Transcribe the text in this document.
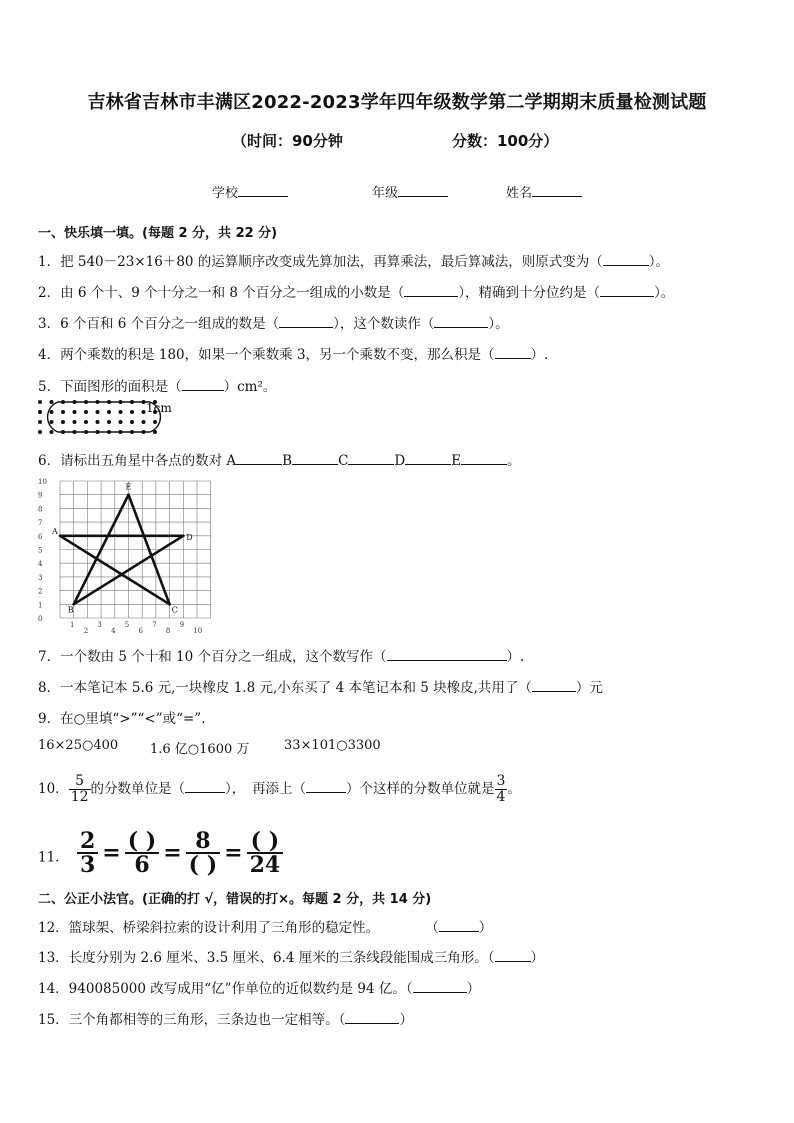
吉林省吉林市丰满区2022-2023学年四年级数学第二学期期末质量检测试题
（时间：90分钟	分数：100分）
学校	年级	姓名
一、快乐填一填。(每题 2 分，共 22 分)
1．把 540－23×16＋80 的运算顺序改变成先算加法，再算乘法，最后算减法，则原式变为（	）。
2．由 6 个十、9 个十分之一和 8 个百分之一组成的小数是（	），精确到十分位约是（	）。
3．6 个百和 6 个百分之一组成的数是（	），这个数读作（	）。
4．两个乘数的积是 180，如果一个乘数乘 3，另一个乘数不变，那么积是（	）.
5．下面图形的面积是（	）cm²。
1cm
6．请标出五角星中各点的数对 A	B	C	D	E	。
0
1
2
3
4
5
6
7
8
9
10
1
2
3
4
5
6
7
8
9
10
A
B	C
D
E
7．一个数由 5 个十和 10 个百分之一组成，这个数写作（	）.
8．一本笔记本 5.6 元,一块橡皮 1.8 元,小东买了 4 本笔记本和 5 块橡皮,共用了（	）元
9．在○里填“>”“<”或“=”.
16×25○400 1.6 亿○1600 万	33×101○3300
10． $\frac{5}{12}$ 的分数单位是（	），　再添上（	）个这样的分数单位就是 $\frac{3}{4}$ 。
11． $\frac{2}{3} = \frac{( )}{6} = \frac{8}{( )} = \frac{( )}{24}$
二、公正小法官。(正确的打 √，错误的打×。每题 2 分，共 14 分)
12．篮球架、桥梁斜拉索的设计利用了三角形的稳定性。	（	）
13．长度分别为 2.6 厘米、3.5 厘米、6.4 厘米的三条线段能围成三角形。（	）
14．940085000 改写成用“亿”作单位的近似数约是 94 亿。（	）
15．三个角都相等的三角形，三条边也一定相等。（	）
